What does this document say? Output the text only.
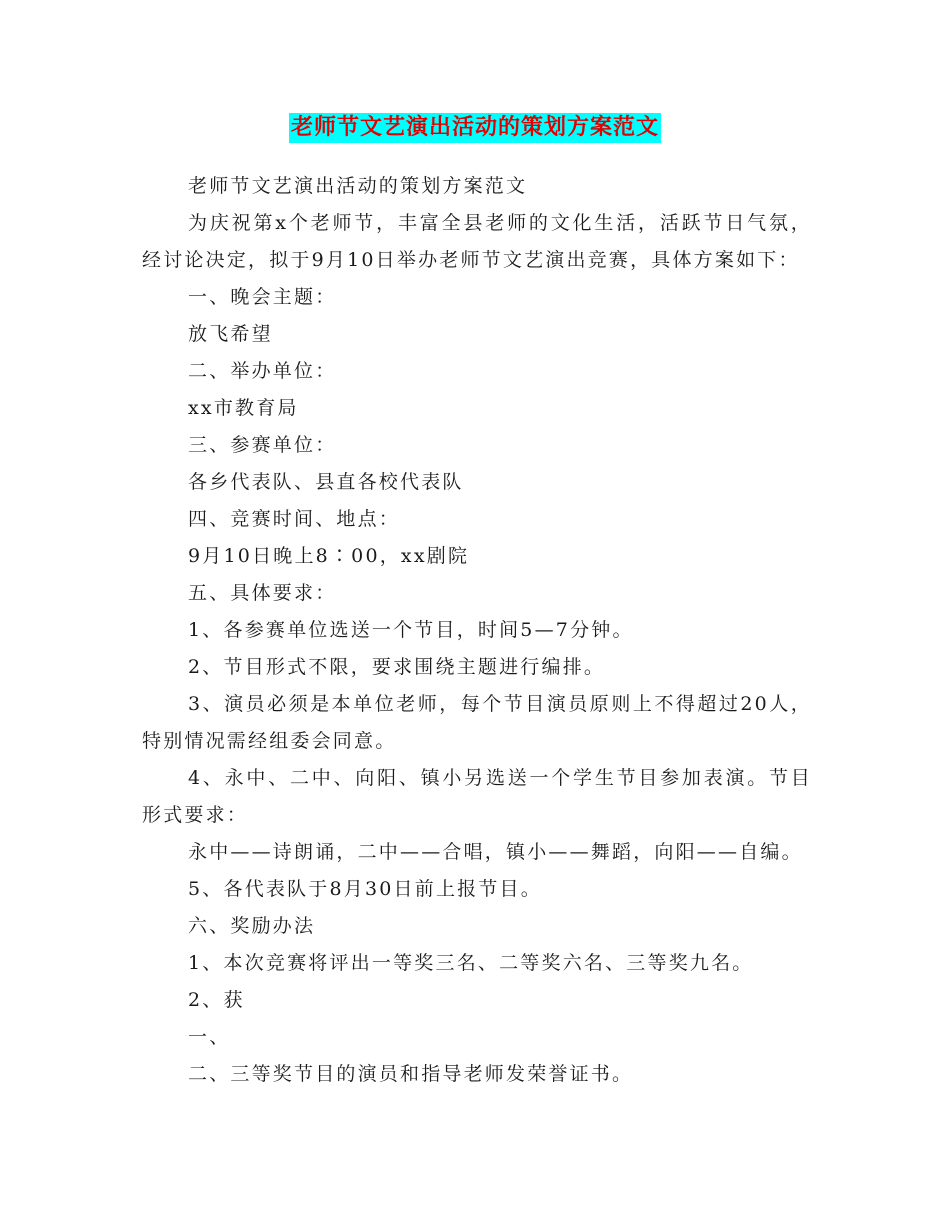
老师节文艺演出活动的策划方案范文

老师节文艺演出活动的策划方案范文

为庆祝第x个老师节，丰富全县老师的文化生活，活跃节日气氛，经讨论决定，拟于9月10日举办老师节文艺演出竞赛，具体方案如下：

一、晚会主题：

放飞希望

二、举办单位：

xx市教育局

三、参赛单位：

各乡代表队、县直各校代表队

四、竞赛时间、地点：

9月10日晚上8∶00，xx剧院

五、具体要求：

1、各参赛单位选送一个节目，时间5—7分钟。

2、节目形式不限，要求围绕主题进行编排。

3、演员必须是本单位老师，每个节目演员原则上不得超过20人，特别情况需经组委会同意。

4、永中、二中、向阳、镇小另选送一个学生节目参加表演。节目形式要求：

永中——诗朗诵，二中——合唱，镇小——舞蹈，向阳——自编。

5、各代表队于8月30日前上报节目。

六、奖励办法

1、本次竞赛将评出一等奖三名、二等奖六名、三等奖九名。

2、获

一、

二、三等奖节目的演员和指导老师发荣誉证书。
